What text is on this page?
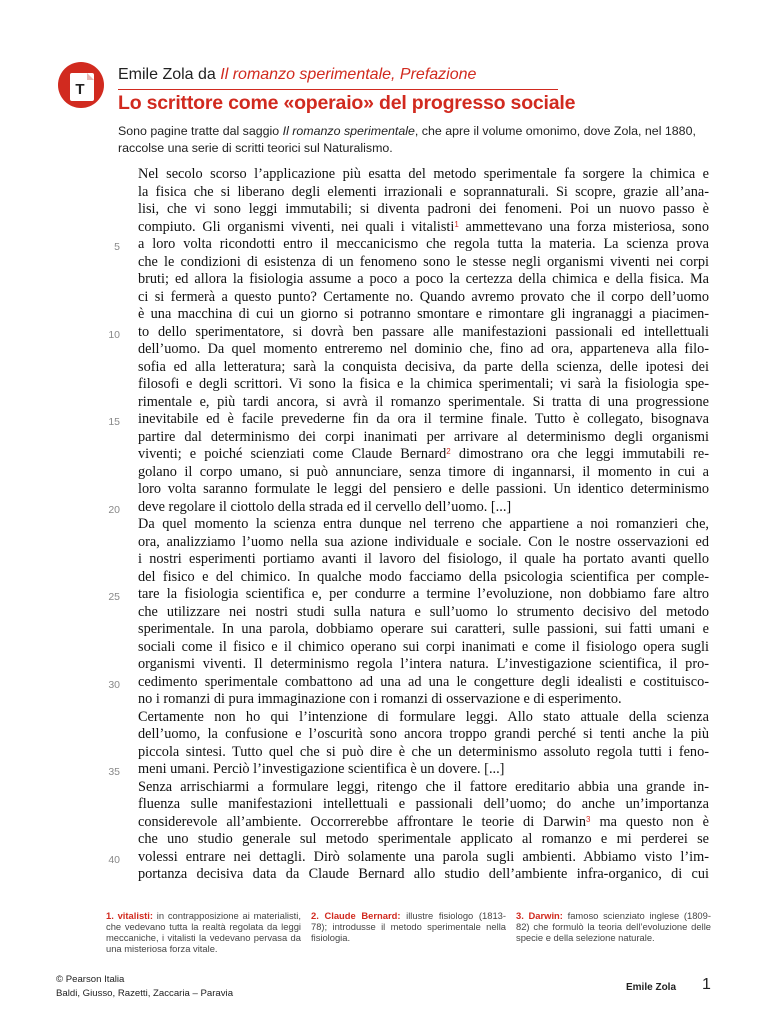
T
Emile Zola da Il romanzo sperimentale, Prefazione
Lo scrittore come «operaio» del progresso sociale
Sono pagine tratte dal saggio Il romanzo sperimentale, che apre il volume omonimo, dove Zola, nel 1880, raccolse una serie di scritti teorici sul Naturalismo.
5
10
15
20
25
30
35
40
Nel secolo scorso l’applicazione più esatta del metodo sperimentale fa sorgere la chimica e
la fisica che si liberano degli elementi irrazionali e soprannaturali. Si scopre, grazie all’ana-
lisi, che vi sono leggi immutabili; si diventa padroni dei fenomeni. Poi un nuovo passo è
compiuto. Gli organismi viventi, nei quali i vitalisti$^1$ ammettevano una forza misteriosa, sono
a loro volta ricondotti entro il meccanicismo che regola tutta la materia. La scienza prova
che le condizioni di esistenza di un fenomeno sono le stesse negli organismi viventi nei corpi
bruti; ed allora la fisiologia assume a poco a poco la certezza della chimica e della fisica. Ma
ci si fermerà a questo punto? Certamente no. Quando avremo provato che il corpo dell’uomo
è una macchina di cui un giorno si potranno smontare e rimontare gli ingranaggi a piacimen-
to dello sperimentatore, si dovrà ben passare alle manifestazioni passionali ed intellettuali
dell’uomo. Da quel momento entreremo nel dominio che, fino ad ora, apparteneva alla filo-
sofia ed alla letteratura; sarà la conquista decisiva, da parte della scienza, delle ipotesi dei
filosofi e degli scrittori. Vi sono la fisica e la chimica sperimentali; vi sarà la fisiologia spe-
rimentale e, più tardi ancora, si avrà il romanzo sperimentale. Si tratta di una progressione
inevitabile ed è facile prevederne fin da ora il termine finale. Tutto è collegato, bisognava
partire dal determinismo dei corpi inanimati per arrivare al determinismo degli organismi
viventi; e poiché scienziati come Claude Bernard$^2$ dimostrano ora che leggi immutabili re-
golano il corpo umano, si può annunciare, senza timore di ingannarsi, il momento in cui a
loro volta saranno formulate le leggi del pensiero e delle passioni. Un identico determinismo
deve regolare il ciottolo della strada ed il cervello dell’uomo. [...]
Da quel momento la scienza entra dunque nel terreno che appartiene a noi romanzieri che,
ora, analizziamo l’uomo nella sua azione individuale e sociale. Con le nostre osservazioni ed
i nostri esperimenti portiamo avanti il lavoro del fisiologo, il quale ha portato avanti quello
del fisico e del chimico. In qualche modo facciamo della psicologia scientifica per comple-
tare la fisiologia scientifica e, per condurre a termine l’evoluzione, non dobbiamo fare altro
che utilizzare nei nostri studi sulla natura e sull’uomo lo strumento decisivo del metodo
sperimentale. In una parola, dobbiamo operare sui caratteri, sulle passioni, sui fatti umani e
sociali come il fisico e il chimico operano sui corpi inanimati e come il fisiologo opera sugli
organismi viventi. Il determinismo regola l’intera natura. L’investigazione scientifica, il pro-
cedimento sperimentale combattono ad una ad una le congetture degli idealisti e costituisco-
no i romanzi di pura immaginazione con i romanzi di osservazione e di esperimento.
Certamente non ho qui l’intenzione di formulare leggi. Allo stato attuale della scienza
dell’uomo, la confusione e l’oscurità sono ancora troppo grandi perché si tenti anche la più
piccola sintesi. Tutto quel che si può dire è che un determinismo assoluto regola tutti i feno-
meni umani. Perciò l’investigazione scientifica è un dovere. [...]
Senza arrischiarmi a formulare leggi, ritengo che il fattore ereditario abbia una grande in-
fluenza sulle manifestazioni intellettuali e passionali dell’uomo; do anche un’importanza
considerevole all’ambiente. Occorrerebbe affrontare le teorie di Darwin$^3$ ma questo non è
che uno studio generale sul metodo sperimentale applicato al romanzo e mi perderei se
volessi entrare nei dettagli. Dirò solamente una parola sugli ambienti. Abbiamo visto l’im-
portanza decisiva data da Claude Bernard allo studio dell’ambiente infra-organico, di cui
1. vitalisti: in contrapposizione ai materialisti, che vedevano tutta la realtà regolata da leggi meccaniche, i vitalisti la vedevano pervasa da una misteriosa forza vitale.
2. Claude Bernard: illustre fisiologo (1813-78); introdusse il metodo sperimentale nella fisiologia.
3. Darwin: famoso scienziato inglese (1809-82) che formulò la teoria dell’evoluzione delle specie e della selezione naturale.
© Pearson Italia
Baldi, Giusso, Razetti, Zaccaria – Paravia
Emile Zola 1
